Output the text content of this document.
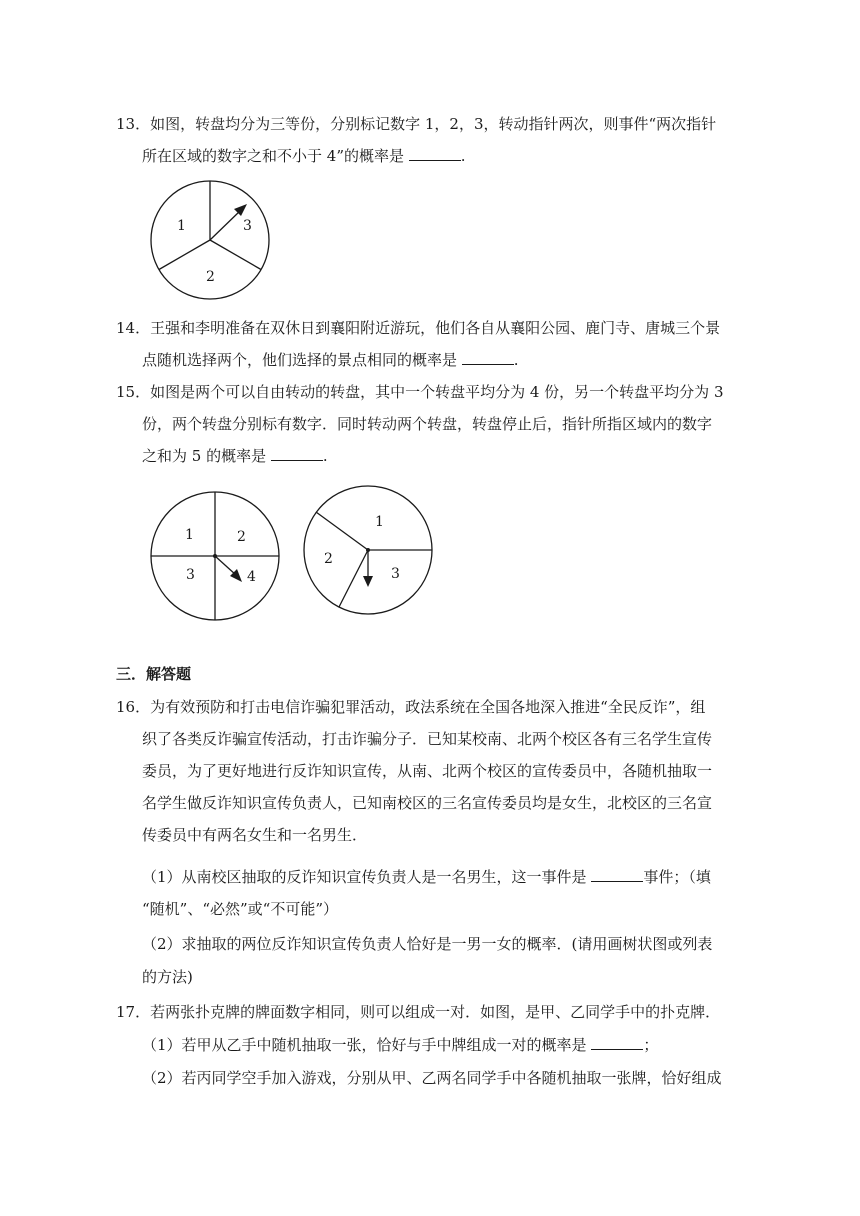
13．如图，转盘均分为三等份，分别标记数字 1，2，3，转动指针两次，则事件“两次指针
所在区域的数字之和不小于 4”的概率是	.
1	3
2
14．王强和李明准备在双休日到襄阳附近游玩，他们各自从襄阳公园、鹿门寺、唐城三个景
点随机选择两个，他们选择的景点相同的概率是	.
15．如图是两个可以自由转动的转盘，其中一个转盘平均分为 4 份，另一个转盘平均分为 3
份，两个转盘分别标有数字．同时转动两个转盘，转盘停止后，指针所指区域内的数字
之和为 5 的概率是	.
1	2
3	4
1
2
3
三．解答题
16．为有效预防和打击电信诈骗犯罪活动，政法系统在全国各地深入推进“全民反诈”，组
织了各类反诈骗宣传活动，打击诈骗分子．已知某校南、北两个校区各有三名学生宣传
委员，为了更好地进行反诈知识宣传，从南、北两个校区的宣传委员中，各随机抽取一
名学生做反诈知识宣传负责人，已知南校区的三名宣传委员均是女生，北校区的三名宣
传委员中有两名女生和一名男生．
（1）从南校区抽取的反诈知识宣传负责人是一名男生，这一事件是	事件；（填
“随机”、“必然”或“不可能”）
（2）求抽取的两位反诈知识宣传负责人恰好是一男一女的概率．(请用画树状图或列表
的方法)
17．若两张扑克牌的牌面数字相同，则可以组成一对．如图，是甲、乙同学手中的扑克牌．
（1）若甲从乙手中随机抽取一张，恰好与手中牌组成一对的概率是	；
（2）若丙同学空手加入游戏，分别从甲、乙两名同学手中各随机抽取一张牌，恰好组成
